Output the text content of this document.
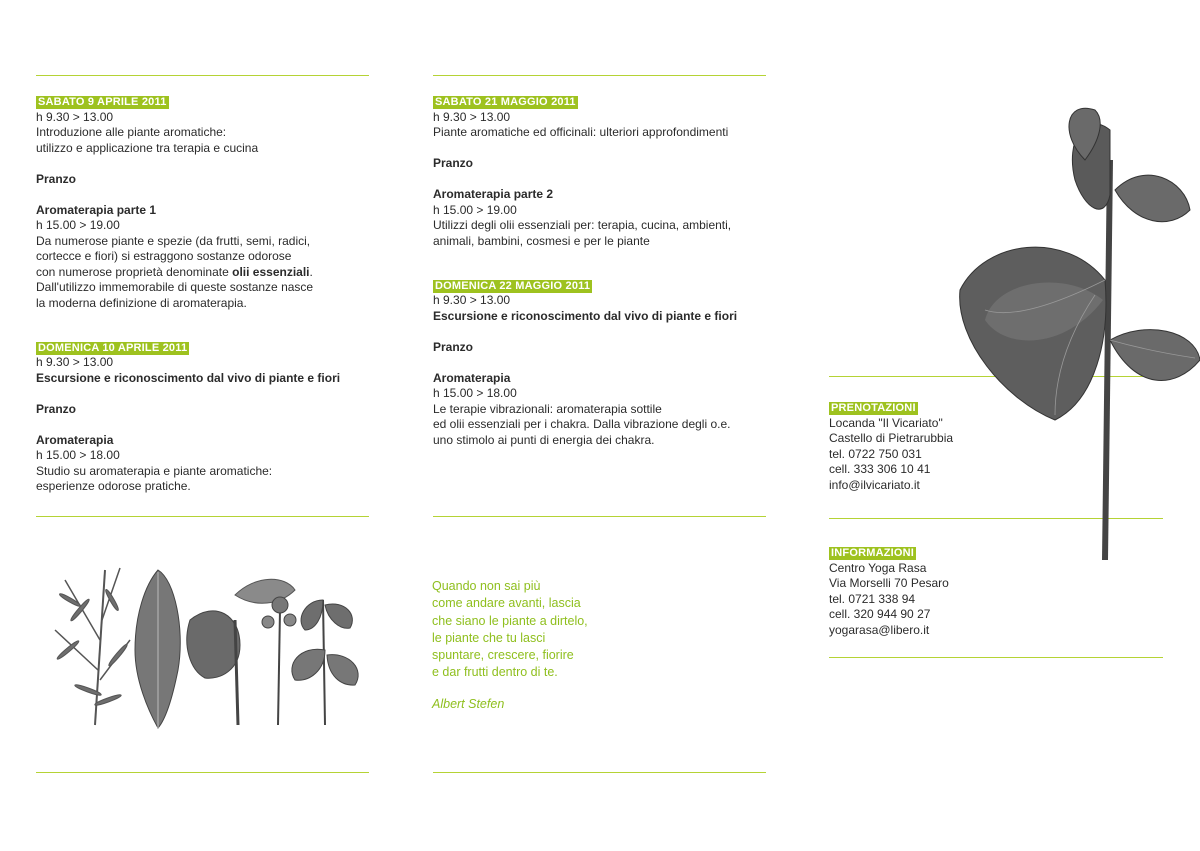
SABATO 9 APRILE 2011
h 9.30 > 13.00
Introduzione alle piante aromatiche:
utilizzo e applicazione tra terapia e cucina
Pranzo
Aromaterapia parte 1
h 15.00 > 19.00
Da numerose piante e spezie (da frutti, semi, radici,
cortecce e fiori) si estraggono sostanze odorose
con numerose proprietà denominate olii essenziali.
Dall'utilizzo immemorabile di queste sostanze nasce
la moderna definizione di aromaterapia.
DOMENICA 10 APRILE 2011
h 9.30 > 13.00
Escursione e riconoscimento dal vivo di piante e fiori
Pranzo
Aromaterapia
h 15.00 > 18.00
Studio su aromaterapia e piante aromatiche:
esperienze odorose pratiche.
SABATO 21 MAGGIO 2011
h 9.30 > 13.00
Piante aromatiche ed officinali: ulteriori approfondimenti
Pranzo
Aromaterapia parte 2
h 15.00 > 19.00
Utilizzi degli olii essenziali per: terapia, cucina, ambienti,
animali, bambini, cosmesi e per le piante
DOMENICA 22 MAGGIO 2011
h 9.30 > 13.00
Escursione e riconoscimento dal vivo di piante e fiori
Pranzo
Aromaterapia
h 15.00 > 18.00
Le terapie vibrazionali: aromaterapia sottile
ed olii essenziali per i chakra. Dalla vibrazione degli o.e.
uno stimolo ai punti di energia dei chakra.
Quando non sai più
come andare avanti, lascia
che siano le piante a dirtelo,
le piante che tu lasci
spuntare, crescere, fiorire
e dar frutti dentro di te.
Albert Stefen
PRENOTAZIONI
Locanda "Il Vicariato"
Castello di Pietrarubbia
tel. 0722 750 031
cell. 333 306 10 41
info@ilvicariato.it
INFORMAZIONI
Centro Yoga Rasa
Via Morselli 70 Pesaro
tel. 0721 338 94
cell. 320 944 90 27
yogarasa@libero.it
